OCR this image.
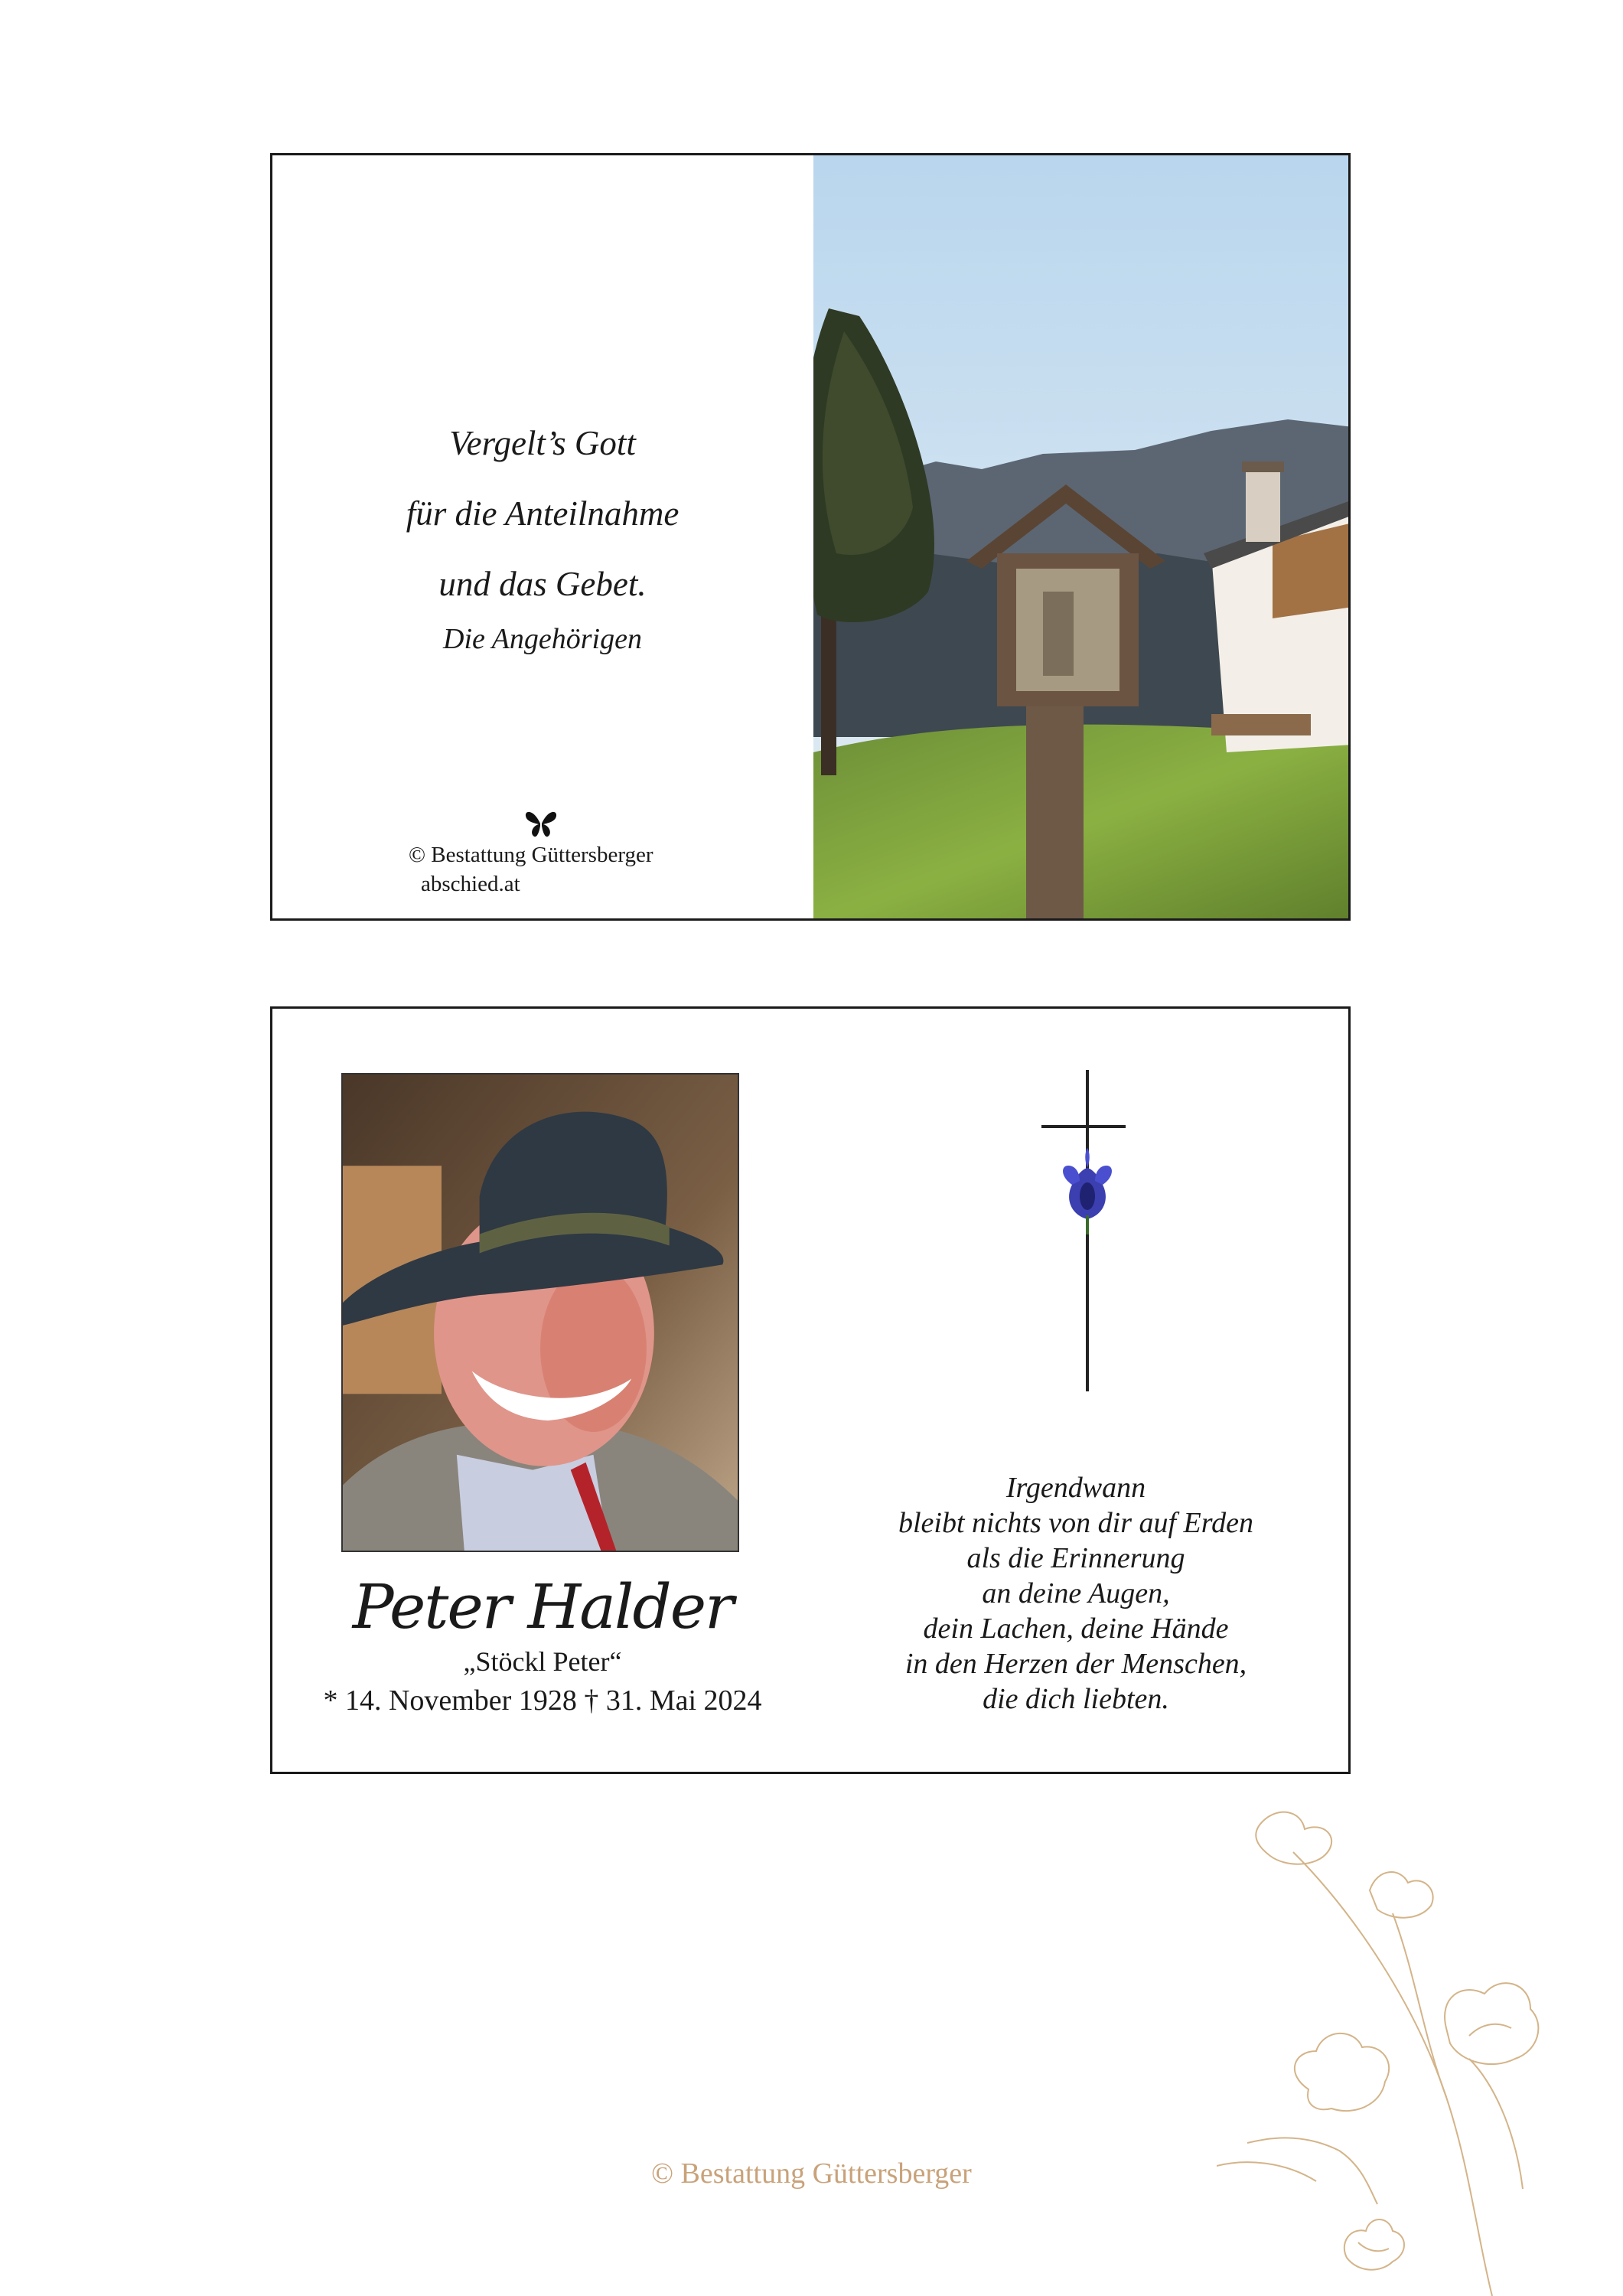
Vergelt’s Gott
für die Anteilnahme
und das Gebet.
Die Angehörigen
© Bestattung Güttersberger
abschied.at
Peter Halder
„Stöckl Peter“
* 14. November 1928 † 31. Mai 2024
Irgendwann
bleibt nichts von dir auf Erden
als die Erinnerung
an deine Augen,
dein Lachen, deine Hände
in den Herzen der Menschen,
die dich liebten.
© Bestattung Güttersberger
